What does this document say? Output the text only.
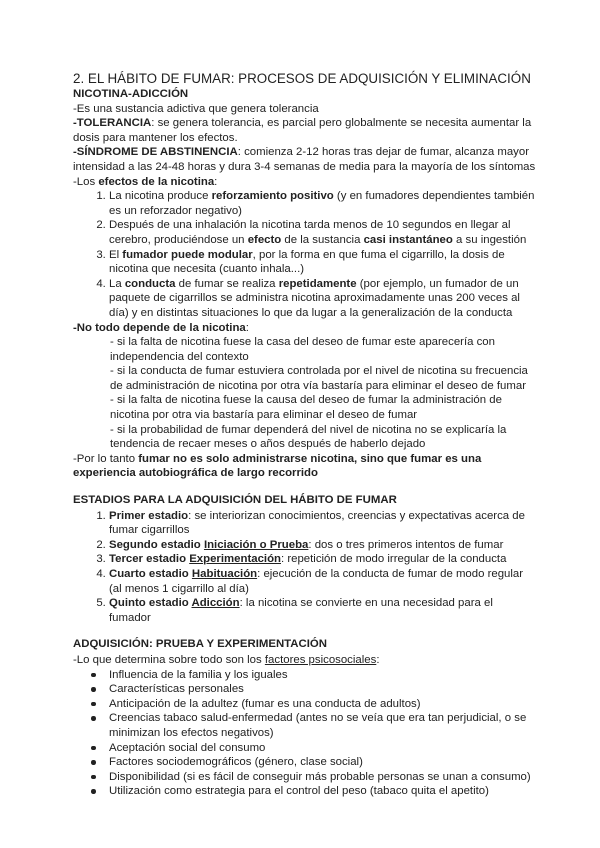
2. EL HÁBITO DE FUMAR: PROCESOS DE ADQUISICIÓN Y ELIMINACIÓN

NICOTINA-ADICCIÓN

-Es una sustancia adictiva que genera tolerancia

-TOLERANCIA: se genera tolerancia, es parcial pero globalmente se necesita aumentar la dosis para mantener los efectos.

-SÍNDROME DE ABSTINENCIA: comienza 2-12 horas tras dejar de fumar, alcanza mayor intensidad a las 24-48 horas y dura 3-4 semanas de media para la mayoría de los síntomas

-Los efectos de la nicotina:

1. La nicotina produce reforzamiento positivo (y en fumadores dependientes también es un reforzador negativo)
2. Después de una inhalación la nicotina tarda menos de 10 segundos en llegar al cerebro, produciéndose un efecto de la sustancia casi instantáneo a su ingestión
3. El fumador puede modular, por la forma en que fuma el cigarrillo, la dosis de nicotina que necesita (cuanto inhala...)
4. La conducta de fumar se realiza repetidamente (por ejemplo, un fumador de un paquete de cigarrillos se administra nicotina aproximadamente unas 200 veces al día) y en distintas situaciones lo que da lugar a la generalización de la conducta

-No todo depende de la nicotina:

- si la falta de nicotina fuese la casa del deseo de fumar este aparecería con independencia del contexto

- si la conducta de fumar estuviera controlada por el nivel de nicotina su frecuencia de administración de nicotina por otra vía bastaría para eliminar el deseo de fumar

- si la falta de nicotina fuese la causa del deseo de fumar la administración de nicotina por otra via bastaría para eliminar el deseo de fumar

- si la probabilidad de fumar dependerá del nivel de nicotina no se explicaría la tendencia de recaer meses o años después de haberlo dejado

-Por lo tanto fumar no es solo administrarse nicotina, sino que fumar es una experiencia autobiográfica de largo recorrido

ESTADIOS PARA LA ADQUISICIÓN DEL HÁBITO DE FUMAR

1. Primer estadio: se interiorizan conocimientos, creencias y expectativas acerca de fumar cigarrillos
2. Segundo estadio Iniciación o Prueba: dos o tres primeros intentos de fumar
3. Tercer estadio Experimentación: repetición de modo irregular de la conducta
4. Cuarto estadio Habituación: ejecución de la conducta de fumar de modo regular (al menos 1 cigarrillo al día)
5. Quinto estadio Adicción: la nicotina se convierte en una necesidad para el fumador

ADQUISICIÓN: PRUEBA Y EXPERIMENTACIÓN

-Lo que determina sobre todo son los factores psicosociales:

Influencia de la familia y los iguales
Características personales
Anticipación de la adultez (fumar es una conducta de adultos)
Creencias tabaco salud-enfermedad (antes no se veía que era tan perjudicial, o se minimizan los efectos negativos)
Aceptación social del consumo
Factores sociodemográficos (género, clase social)
Disponibilidad (si es fácil de conseguir más probable personas se unan a consumo)
Utilización como estrategia para el control del peso (tabaco quita el apetito)
